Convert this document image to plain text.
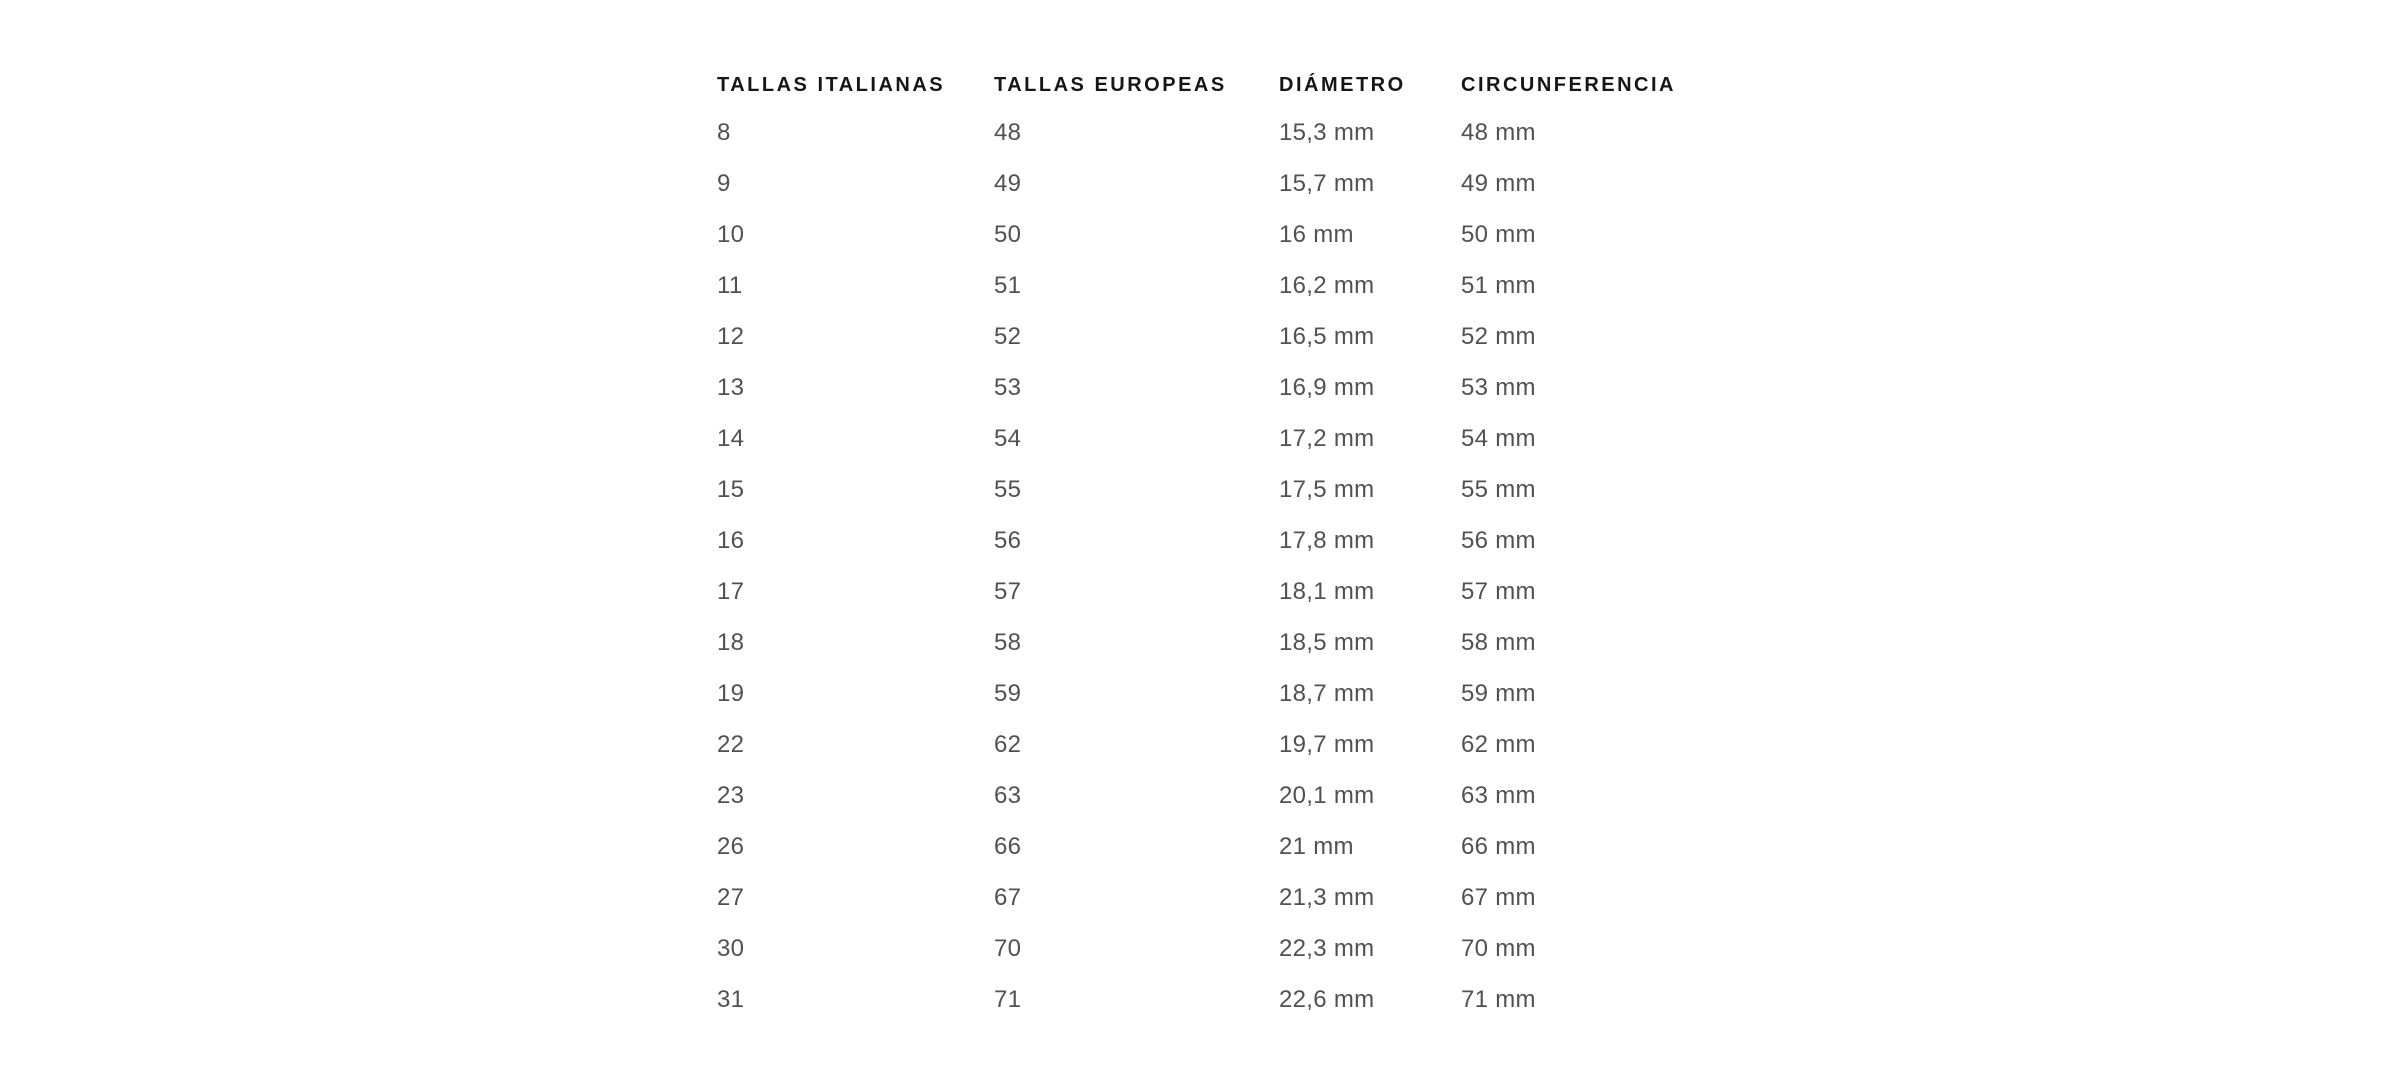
TALLAS ITALIANAS	TALLAS EUROPEAS	DIÁMETRO	CIRCUNFERENCIA
8	48	15,3 mm	48 mm
9	49	15,7 mm	49 mm
10	50	16 mm	50 mm
11	51	16,2 mm	51 mm
12	52	16,5 mm	52 mm
13	53	16,9 mm	53 mm
14	54	17,2 mm	54 mm
15	55	17,5 mm	55 mm
16	56	17,8 mm	56 mm
17	57	18,1 mm	57 mm
18	58	18,5 mm	58 mm
19	59	18,7 mm	59 mm
22	62	19,7 mm	62 mm
23	63	20,1 mm	63 mm
26	66	21 mm	66 mm
27	67	21,3 mm	67 mm
30	70	22,3 mm	70 mm
31	71	22,6 mm	71 mm
